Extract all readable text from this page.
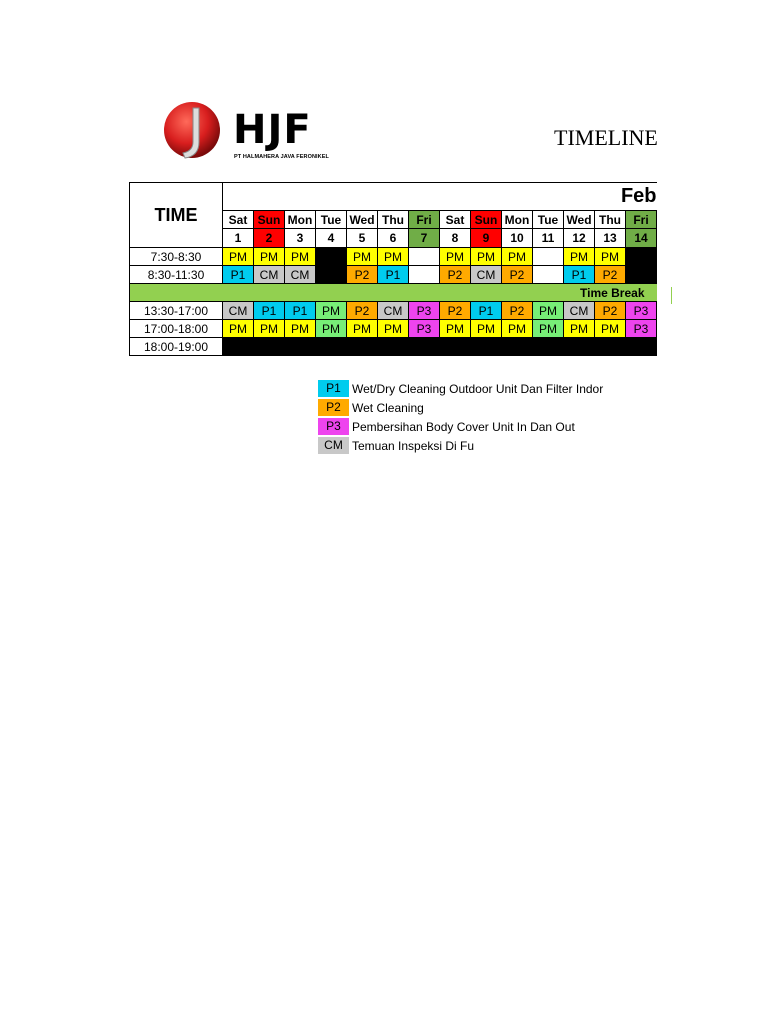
HJF
PT HALMAHERA JAVA FERONIKEL
TIMELINE
TIME	Feb													
	Sat	Sun	Mon	Tue	Wed	Thu	Fri	Sat	Sun	Mon	Tue	Wed	Thu	Fri
	1	2	3	4	5	6	7	8	9	10	11	12	13	14
7:30-8:30	PM	PM	PM		PM	PM		PM	PM	PM		PM	PM	
8:30-11:30	P1	CM	CM		P2	P1		P2	CM	P2		P1	P2	
Time Break														
13:30-17:00	CM	P1	P1	PM	P2	CM	P3	P2	P1	P2	PM	CM	P2	P3
17:00-18:00	PM	PM	PM	PM	PM	PM	P3	PM	PM	PM	PM	PM	PM	P3
18:00-19:00														
P1 Wet/Dry Cleaning Outdoor Unit Dan Filter Indor
P2 Wet Cleaning
P3 Pembersihan Body Cover Unit In Dan Out
CM Temuan Inspeksi Di Fu
